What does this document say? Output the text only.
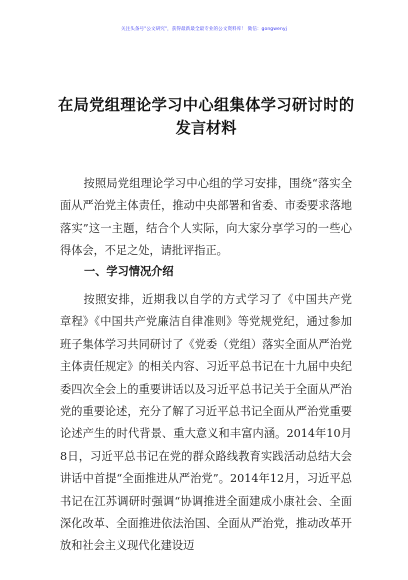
关注头条号"公文研究"，获得最新最全最专业的公文资料库！ 微信：gongwenyj
在局党组理论学习中心组集体学习研讨时的发言材料

按照局党组理论学习中心组的学习安排，围绕“落实全面从严治党主体责任，推动中央部署和省委、市委要求落地落实”这一主题，结合个人实际，向大家分享学习的一些心得体会，不足之处，请批评指正。

一、学习情况介绍

按照安排，近期我以自学的方式学习了《中国共产党章程》《中国共产党廉洁自律准则》等党规党纪，通过参加班子集体学习共同研讨了《党委（党组）落实全面从严治党主体责任规定》的相关内容、习近平总书记在十九届中央纪委四次全会上的重要讲话以及习近平总书记关于全面从严治党的重要论述，充分了解了习近平总书记全面从严治党重要论述产生的时代背景、重大意义和丰富内涵。2014年10月8日，习近平总书记在党的群众路线教育实践活动总结大会讲话中首提“全面推进从严治党”。2014年12月，习近平总书记在江苏调研时强调“协调推进全面建成小康社会、全面深化改革、全面推进依法治国、全面从严治党，推动改革开放和社会主义现代化建设迈
